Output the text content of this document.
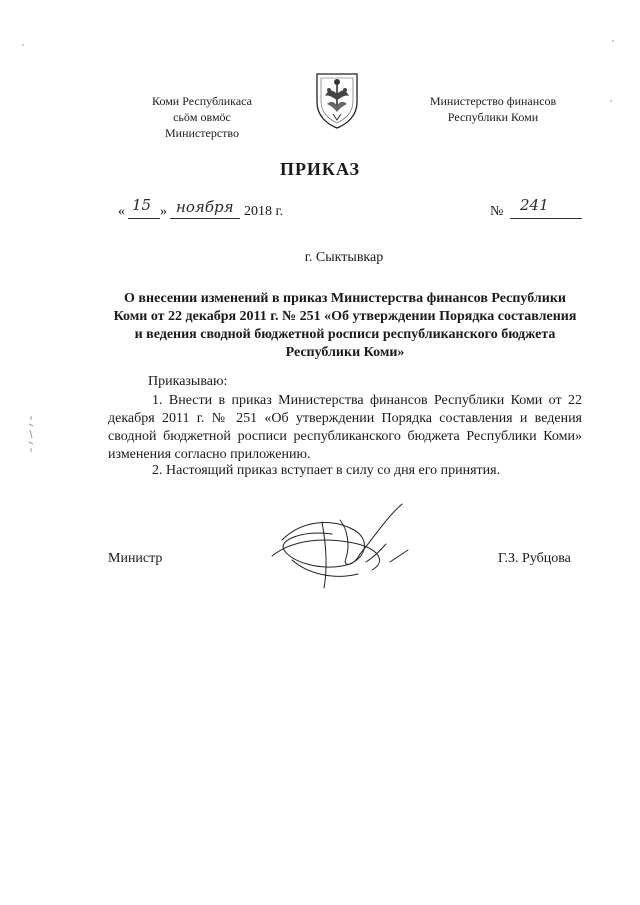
Коми Республикаса
сьӧм овмӧс
Министерство
Министерство финансов
Республики Коми
ПРИКАЗ
« 15 » ноября 2018 г.	№ 241
г. Сыктывкар
О внесении изменений в приказ Министерства финансов Республики Коми от 22 декабря 2011 г. № 251 «Об утверждении Порядка составления и ведения сводной бюджетной росписи республиканского бюджета Республики Коми»
Приказываю:
1. Внести в приказ Министерства финансов Республики Коми от 22 декабря 2011 г. № 251 «Об утверждении Порядка составления и ведения сводной бюджетной росписи республиканского бюджета Республики Коми» изменения согласно приложению.
2. Настоящий приказ вступает в силу со дня его принятия.
Министр	Г.З. Рубцова
